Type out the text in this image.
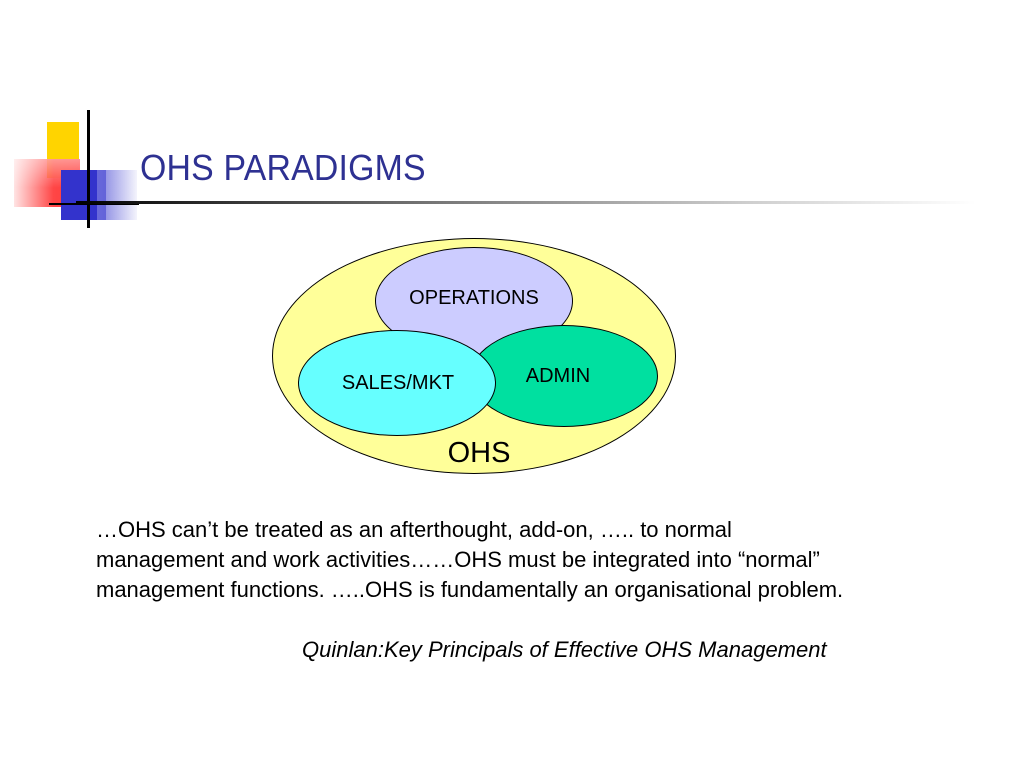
OHS PARADIGMS
OPERATIONS
ADMIN
SALES/MKT
OHS
…OHS can’t be treated as an afterthought, add-on, ….. to normal
management and work activities……OHS must be integrated into “normal”
management functions. …..OHS is fundamentally an organisational problem.
Quinlan:Key Principals of Effective OHS Management
